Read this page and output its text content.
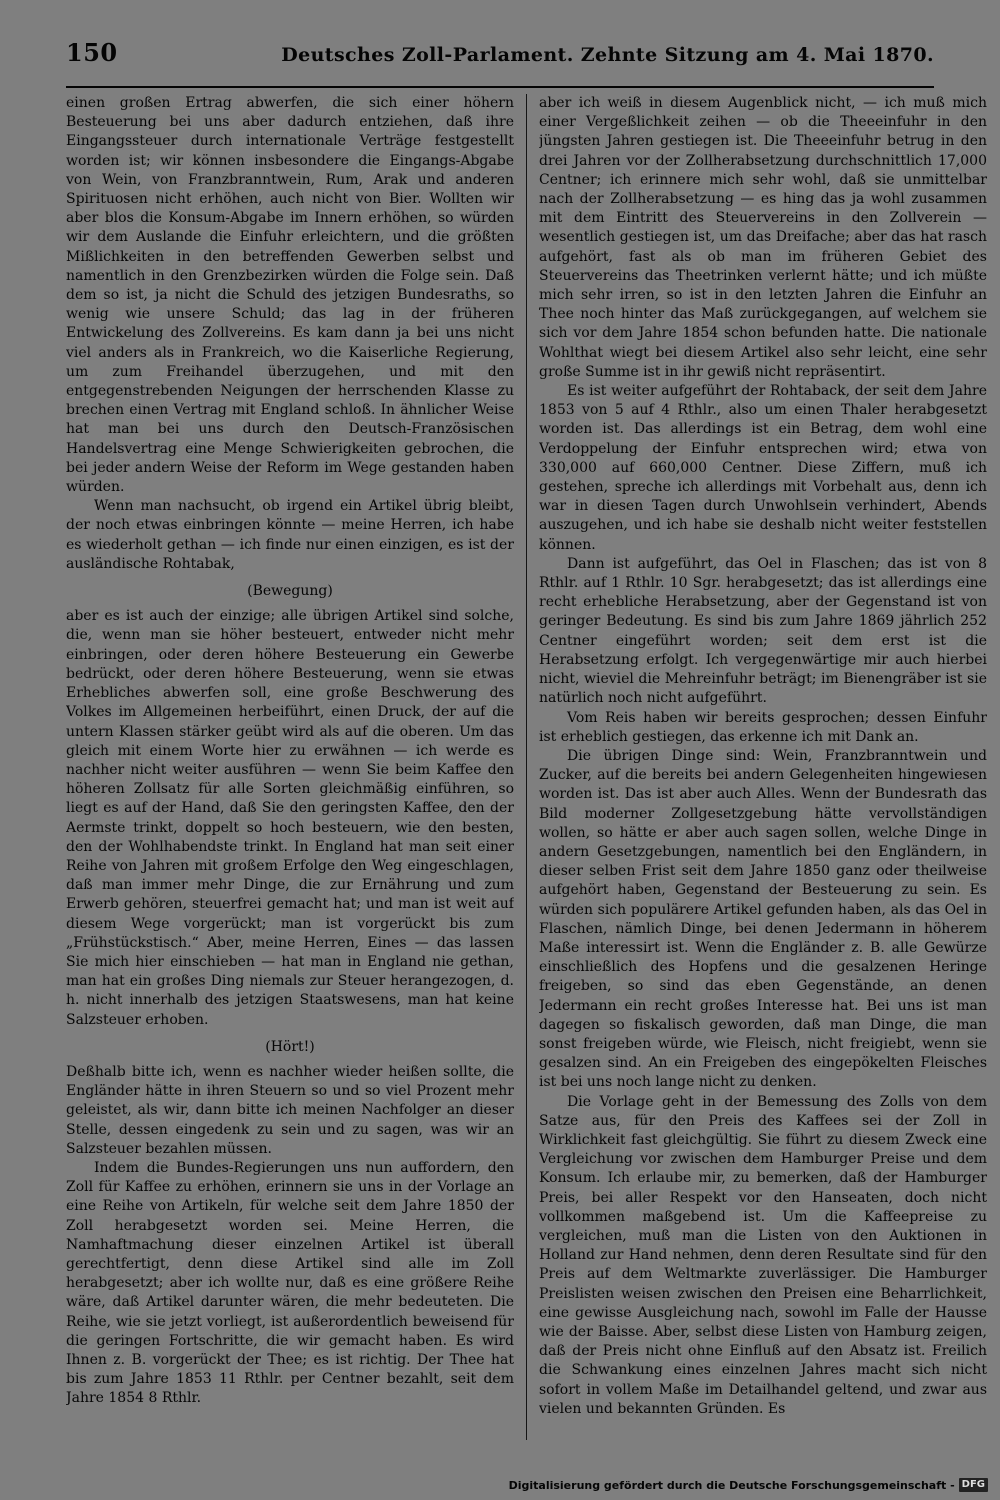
150	Deutsches Zoll-Parlament. Zehnte Sitzung am 4. Mai 1870.

einen großen Ertrag abwerfen, die sich einer höhern Besteuerung bei uns aber dadurch entziehen, daß ihre Eingangssteuer durch internationale Verträge festgestellt worden ist; wir können insbesondere die Eingangs-Abgabe von Wein, von Franzbranntwein, Rum, Arak und anderen Spirituosen nicht erhöhen, auch nicht von Bier. Wollten wir aber blos die Konsum-Abgabe im Innern erhöhen, so würden wir dem Auslande die Einfuhr erleichtern, und die größten Mißlichkeiten in den betreffenden Gewerben selbst und namentlich in den Grenzbezirken würden die Folge sein. Daß dem so ist, ja nicht die Schuld des jetzigen Bundesraths, so wenig wie unsere Schuld; das lag in der früheren Entwickelung des Zollvereins. Es kam dann ja bei uns nicht viel anders als in Frankreich, wo die Kaiserliche Regierung, um zum Freihandel überzugehen, und mit den entgegenstrebenden Neigungen der herrschenden Klasse zu brechen einen Vertrag mit England schloß. In ähnlicher Weise hat man bei uns durch den Deutsch-Französischen Handelsvertrag eine Menge Schwierigkeiten gebrochen, die bei jeder andern Weise der Reform im Wege gestanden haben würden.

Wenn man nachsucht, ob irgend ein Artikel übrig bleibt, der noch etwas einbringen könnte — meine Herren, ich habe es wiederholt gethan — ich finde nur einen einzigen, es ist der ausländische Rohtabak,

(Bewegung)

aber es ist auch der einzige; alle übrigen Artikel sind solche, die, wenn man sie höher besteuert, entweder nicht mehr einbringen, oder deren höhere Besteuerung ein Gewerbe bedrückt, oder deren höhere Besteuerung, wenn sie etwas Erhebliches abwerfen soll, eine große Beschwerung des Volkes im Allgemeinen herbeiführt, einen Druck, der auf die untern Klassen stärker geübt wird als auf die oberen. Um das gleich mit einem Worte hier zu erwähnen — ich werde es nachher nicht weiter ausführen — wenn Sie beim Kaffee den höheren Zollsatz für alle Sorten gleichmäßig einführen, so liegt es auf der Hand, daß Sie den geringsten Kaffee, den der Aermste trinkt, doppelt so hoch besteuern, wie den besten, den der Wohlhabendste trinkt. In England hat man seit einer Reihe von Jahren mit großem Erfolge den Weg eingeschlagen, daß man immer mehr Dinge, die zur Ernährung und zum Erwerb gehören, steuerfrei gemacht hat; und man ist weit auf diesem Wege vorgerückt; man ist vorgerückt bis zum „Frühstückstisch.“ Aber, meine Herren, Eines — das lassen Sie mich hier einschieben — hat man in England nie gethan, man hat ein großes Ding niemals zur Steuer herangezogen, d. h. nicht innerhalb des jetzigen Staatswesens, man hat keine Salzsteuer erhoben.

(Hört!)

Deßhalb bitte ich, wenn es nachher wieder heißen sollte, die Engländer hätte in ihren Steuern so und so viel Prozent mehr geleistet, als wir, dann bitte ich meinen Nachfolger an dieser Stelle, dessen eingedenk zu sein und zu sagen, was wir an Salzsteuer bezahlen müssen.

Indem die Bundes-Regierungen uns nun auffordern, den Zoll für Kaffee zu erhöhen, erinnern sie uns in der Vorlage an eine Reihe von Artikeln, für welche seit dem Jahre 1850 der Zoll herabgesetzt worden sei. Meine Herren, die Namhaftmachung dieser einzelnen Artikel ist überall gerechtfertigt, denn diese Artikel sind alle im Zoll herabgesetzt; aber ich wollte nur, daß es eine größere Reihe wäre, daß Artikel darunter wären, die mehr bedeuteten. Die Reihe, wie sie jetzt vorliegt, ist außerordentlich beweisend für die geringen Fortschritte, die wir gemacht haben. Es wird Ihnen z. B. vorgerückt der Thee; es ist richtig. Der Thee hat bis zum Jahre 1853 11 Rthlr. per Centner bezahlt, seit dem Jahre 1854 8 Rthlr.

aber ich weiß in diesem Augenblick nicht, — ich muß mich einer Vergeßlichkeit zeihen — ob die Theeeinfuhr in den jüngsten Jahren gestiegen ist. Die Theeeinfuhr betrug in den drei Jahren vor der Zollherabsetzung durchschnittlich 17,000 Centner; ich erinnere mich sehr wohl, daß sie unmittelbar nach der Zollherabsetzung — es hing das ja wohl zusammen mit dem Eintritt des Steuervereins in den Zollverein — wesentlich gestiegen ist, um das Dreifache; aber das hat rasch aufgehört, fast als ob man im früheren Gebiet des Steuervereins das Theetrinken verlernt hätte; und ich müßte mich sehr irren, so ist in den letzten Jahren die Einfuhr an Thee noch hinter das Maß zurückgegangen, auf welchem sie sich vor dem Jahre 1854 schon befunden hatte. Die nationale Wohlthat wiegt bei diesem Artikel also sehr leicht, eine sehr große Summe ist in ihr gewiß nicht repräsentirt.

Es ist weiter aufgeführt der Rohtaback, der seit dem Jahre 1853 von 5 auf 4 Rthlr., also um einen Thaler herabgesetzt worden ist. Das allerdings ist ein Betrag, dem wohl eine Verdoppelung der Einfuhr entsprechen wird; etwa von 330,000 auf 660,000 Centner. Diese Ziffern, muß ich gestehen, spreche ich allerdings mit Vorbehalt aus, denn ich war in diesen Tagen durch Unwohlsein verhindert, Abends auszugehen, und ich habe sie deshalb nicht weiter feststellen können.

Dann ist aufgeführt, das Oel in Flaschen; das ist von 8 Rthlr. auf 1 Rthlr. 10 Sgr. herabgesetzt; das ist allerdings eine recht erhebliche Herabsetzung, aber der Gegenstand ist von geringer Bedeutung. Es sind bis zum Jahre 1869 jährlich 252 Centner eingeführt worden; seit dem erst ist die Herabsetzung erfolgt. Ich vergegenwärtige mir auch hierbei nicht, wieviel die Mehreinfuhr beträgt; im Bienengräber ist sie natürlich noch nicht aufgeführt.

Vom Reis haben wir bereits gesprochen; dessen Einfuhr ist erheblich gestiegen, das erkenne ich mit Dank an.

Die übrigen Dinge sind: Wein, Franzbranntwein und Zucker, auf die bereits bei andern Gelegenheiten hingewiesen worden ist. Das ist aber auch Alles. Wenn der Bundesrath das Bild moderner Zollgesetzgebung hätte vervollständigen wollen, so hätte er aber auch sagen sollen, welche Dinge in andern Gesetzgebungen, namentlich bei den Engländern, in dieser selben Frist seit dem Jahre 1850 ganz oder theilweise aufgehört haben, Gegenstand der Besteuerung zu sein. Es würden sich populärere Artikel gefunden haben, als das Oel in Flaschen, nämlich Dinge, bei denen Jedermann in höherem Maße interessirt ist. Wenn die Engländer z. B. alle Gewürze einschließlich des Hopfens und die gesalzenen Heringe freigeben, so sind das eben Gegenstände, an denen Jedermann ein recht großes Interesse hat. Bei uns ist man dagegen so fiskalisch geworden, daß man Dinge, die man sonst freigeben würde, wie Fleisch, nicht freigiebt, wenn sie gesalzen sind. An ein Freigeben des eingepökelten Fleisches ist bei uns noch lange nicht zu denken.

Die Vorlage geht in der Bemessung des Zolls von dem Satze aus, für den Preis des Kaffees sei der Zoll in Wirklichkeit fast gleichgültig. Sie führt zu diesem Zweck eine Vergleichung vor zwischen dem Hamburger Preise und dem Konsum. Ich erlaube mir, zu bemerken, daß der Hamburger Preis, bei aller Respekt vor den Hanseaten, doch nicht vollkommen maßgebend ist. Um die Kaffeepreise zu vergleichen, muß man die Listen von den Auktionen in Holland zur Hand nehmen, denn deren Resultate sind für den Preis auf dem Weltmarkte zuverlässiger. Die Hamburger Preislisten weisen zwischen den Preisen eine Beharrlichkeit, eine gewisse Ausgleichung nach, sowohl im Falle der Hausse wie der Baisse. Aber, selbst diese Listen von Hamburg zeigen, daß der Preis nicht ohne Einfluß auf den Absatz ist. Freilich die Schwankung eines einzelnen Jahres macht sich nicht sofort in vollem Maße im Detailhandel geltend, und zwar aus vielen und bekannten Gründen. Es

Digitalisierung gefördert durch die Deutsche Forschungsgemeinschaft - DFG
